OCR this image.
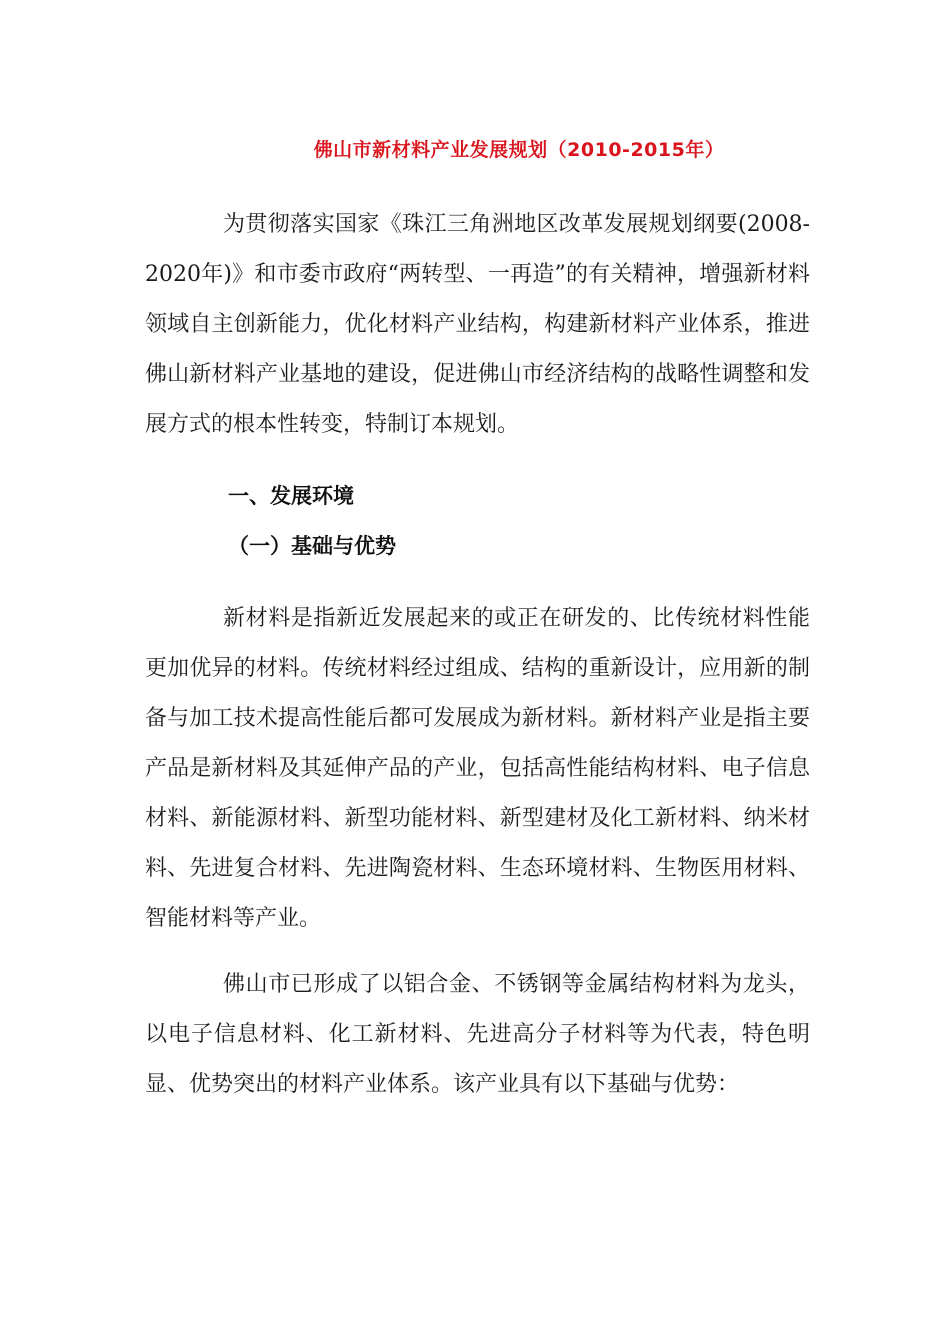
佛山市新材料产业发展规划（2010-2015年）

为贯彻落实国家《珠江三角洲地区改革发展规划纲要(2008-2020年)》和市委市政府“两转型、一再造”的有关精神，增强新材料领域自主创新能力，优化材料产业结构，构建新材料产业体系，推进佛山新材料产业基地的建设，促进佛山市经济结构的战略性调整和发展方式的根本性转变，特制订本规划。

一、发展环境
（一）基础与优势

新材料是指新近发展起来的或正在研发的、比传统材料性能更加优异的材料。传统材料经过组成、结构的重新设计，应用新的制备与加工技术提高性能后都可发展成为新材料。新材料产业是指主要产品是新材料及其延伸产品的产业，包括高性能结构材料、电子信息材料、新能源材料、新型功能材料、新型建材及化工新材料、纳米材料、先进复合材料、先进陶瓷材料、生态环境材料、生物医用材料、智能材料等产业。

佛山市已形成了以铝合金、不锈钢等金属结构材料为龙头，以电子信息材料、化工新材料、先进高分子材料等为代表，特色明显、优势突出的材料产业体系。该产业具有以下基础与优势：
